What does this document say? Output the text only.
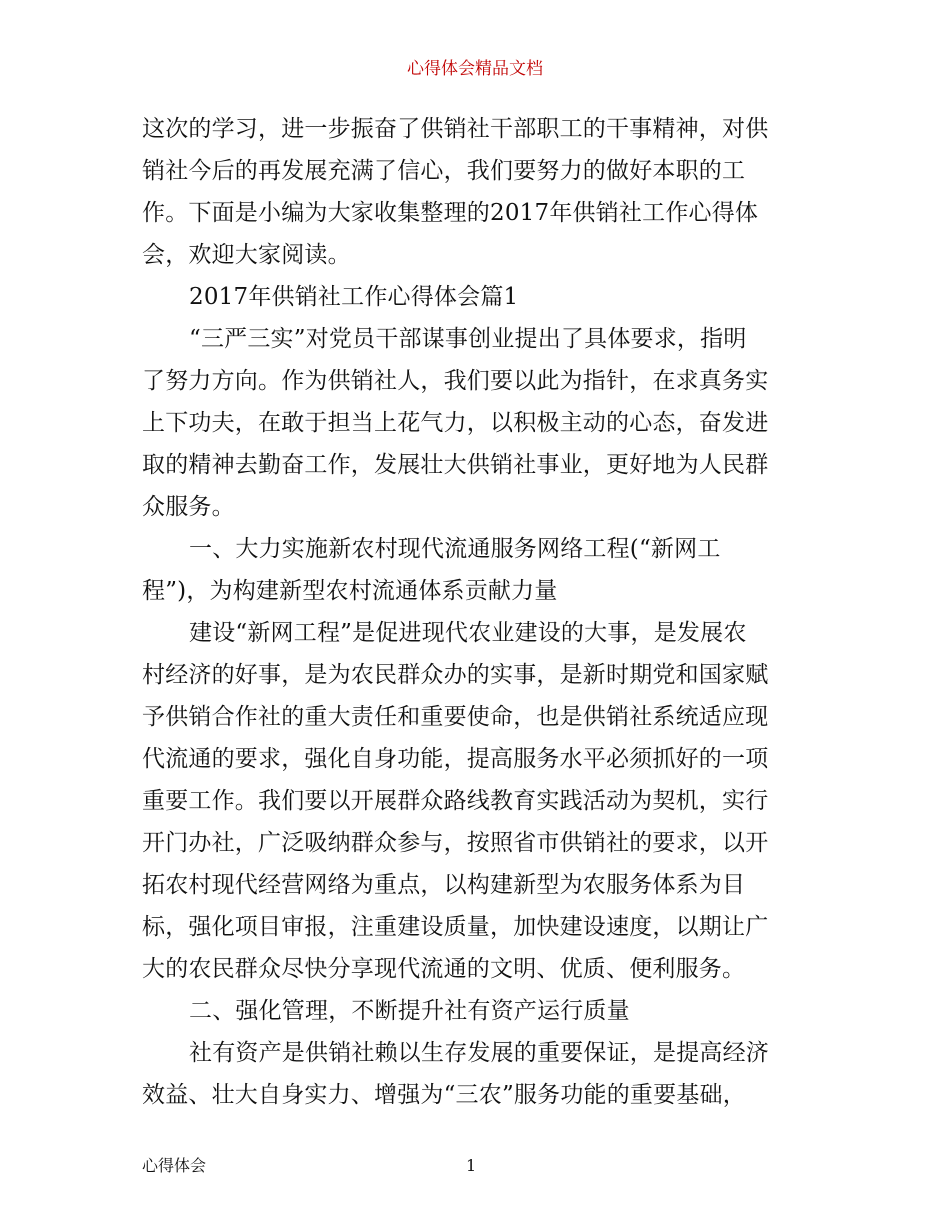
心得体会精品文档
这次的学习，进一步振奋了供销社干部职工的干事精神，对供
销社今后的再发展充满了信心，我们要努力的做好本职的工
作。下面是小编为大家收集整理的2017年供销社工作心得体
会，欢迎大家阅读。
2017年供销社工作心得体会篇1
“三严三实”对党员干部谋事创业提出了具体要求，指明
了努力方向。作为供销社人，我们要以此为指针，在求真务实
上下功夫，在敢于担当上花气力，以积极主动的心态，奋发进
取的精神去勤奋工作，发展壮大供销社事业，更好地为人民群
众服务。
一、大力实施新农村现代流通服务网络工程(“新网工
程”)，为构建新型农村流通体系贡献力量
建设“新网工程”是促进现代农业建设的大事，是发展农
村经济的好事，是为农民群众办的实事，是新时期党和国家赋
予供销合作社的重大责任和重要使命，也是供销社系统适应现
代流通的要求，强化自身功能，提高服务水平必须抓好的一项
重要工作。我们要以开展群众路线教育实践活动为契机，实行
开门办社，广泛吸纳群众参与，按照省市供销社的要求，以开
拓农村现代经营网络为重点，以构建新型为农服务体系为目
标，强化项目审报，注重建设质量，加快建设速度，以期让广
大的农民群众尽快分享现代流通的文明、优质、便利服务。
二、强化管理，不断提升社有资产运行质量
社有资产是供销社赖以生存发展的重要保证，是提高经济
效益、壮大自身实力、增强为“三农”服务功能的重要基础，
心得体会	1
